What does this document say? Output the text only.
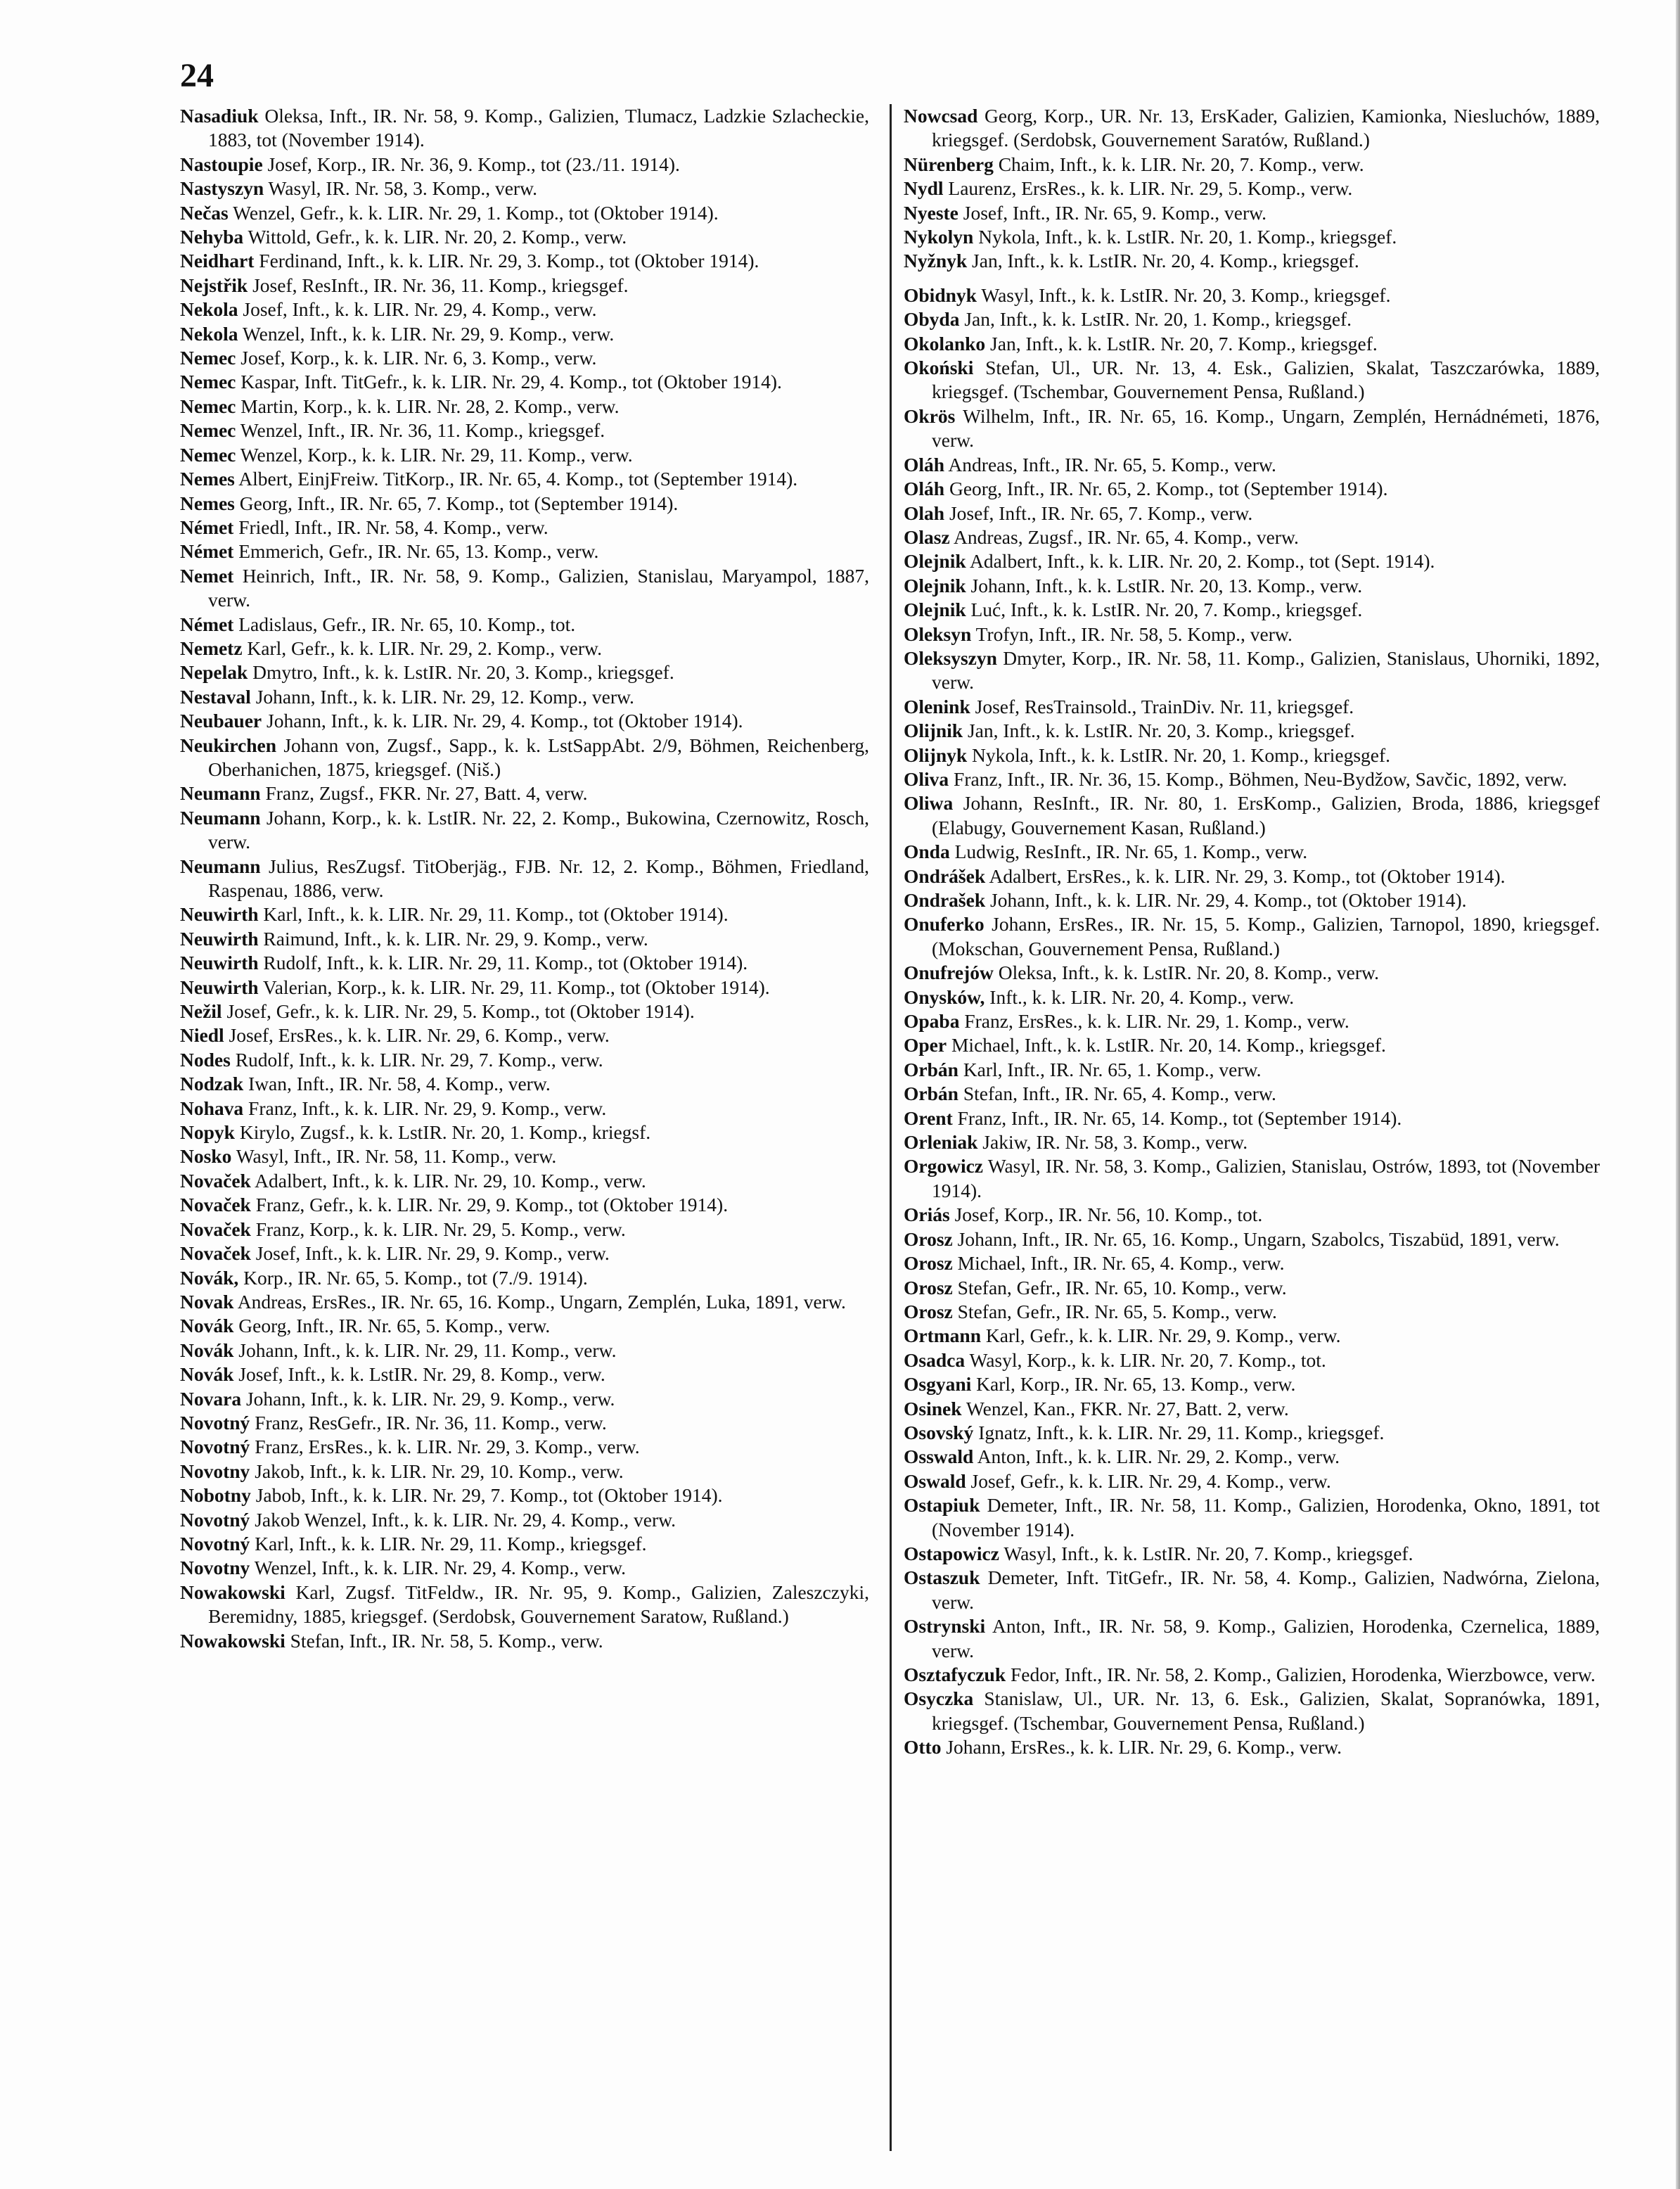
24
Nasadiuk Oleksa, Inft., IR. Nr. 58, 9. Komp., Galizien, Tlumacz, Ladzkie Szlacheckie, 1883, tot (November 1914).
Nastoupie Josef, Korp., IR. Nr. 36, 9. Komp., tot (23./11. 1914).
Nastyszyn Wasyl, IR. Nr. 58, 3. Komp., verw.
Nečas Wenzel, Gefr., k. k. LIR. Nr. 29, 1. Komp., tot (Oktober 1914).
Nehyba Wittold, Gefr., k. k. LIR. Nr. 20, 2. Komp., verw.
Neidhart Ferdinand, Inft., k. k. LIR. Nr. 29, 3. Komp., tot (Oktober 1914).
Nejstřik Josef, ResInft., IR. Nr. 36, 11. Komp., kriegsgef.
Nekola Josef, Inft., k. k. LIR. Nr. 29, 4. Komp., verw.
Nekola Wenzel, Inft., k. k. LIR. Nr. 29, 9. Komp., verw.
Nemec Josef, Korp., k. k. LIR. Nr. 6, 3. Komp., verw.
Nemec Kaspar, Inft. TitGefr., k. k. LIR. Nr. 29, 4. Komp., tot (Oktober 1914).
Nemec Martin, Korp., k. k. LIR. Nr. 28, 2. Komp., verw.
Nemec Wenzel, Inft., IR. Nr. 36, 11. Komp., kriegsgef.
Nemec Wenzel, Korp., k. k. LIR. Nr. 29, 11. Komp., verw.
Nemes Albert, EinjFreiw. TitKorp., IR. Nr. 65, 4. Komp., tot (September 1914).
Nemes Georg, Inft., IR. Nr. 65, 7. Komp., tot (September 1914).
Német Friedl, Inft., IR. Nr. 58, 4. Komp., verw.
Német Emmerich, Gefr., IR. Nr. 65, 13. Komp., verw.
Nemet Heinrich, Inft., IR. Nr. 58, 9. Komp., Galizien, Stanislau, Maryampol, 1887, verw.
Német Ladislaus, Gefr., IR. Nr. 65, 10. Komp., tot.
Nemetz Karl, Gefr., k. k. LIR. Nr. 29, 2. Komp., verw.
Nepelak Dmytro, Inft., k. k. LstIR. Nr. 20, 3. Komp., kriegsgef.
Nestaval Johann, Inft., k. k. LIR. Nr. 29, 12. Komp., verw.
Neubauer Johann, Inft., k. k. LIR. Nr. 29, 4. Komp., tot (Oktober 1914).
Neukirchen Johann von, Zugsf., Sapp., k. k. LstSappAbt. 2/9, Böhmen, Reichenberg, Oberhanichen, 1875, kriegsgef. (Niš.)
Neumann Franz, Zugsf., FKR. Nr. 27, Batt. 4, verw.
Neumann Johann, Korp., k. k. LstIR. Nr. 22, 2. Komp., Bukowina, Czernowitz, Rosch, verw.
Neumann Julius, ResZugsf. TitOberjäg., FJB. Nr. 12, 2. Komp., Böhmen, Friedland, Raspenau, 1886, verw.
Neuwirth Karl, Inft., k. k. LIR. Nr. 29, 11. Komp., tot (Oktober 1914).
Neuwirth Raimund, Inft., k. k. LIR. Nr. 29, 9. Komp., verw.
Neuwirth Rudolf, Inft., k. k. LIR. Nr. 29, 11. Komp., tot (Oktober 1914).
Neuwirth Valerian, Korp., k. k. LIR. Nr. 29, 11. Komp., tot (Oktober 1914).
Nežil Josef, Gefr., k. k. LIR. Nr. 29, 5. Komp., tot (Oktober 1914).
Niedl Josef, ErsRes., k. k. LIR. Nr. 29, 6. Komp., verw.
Nodes Rudolf, Inft., k. k. LIR. Nr. 29, 7. Komp., verw.
Nodzak Iwan, Inft., IR. Nr. 58, 4. Komp., verw.
Nohava Franz, Inft., k. k. LIR. Nr. 29, 9. Komp., verw.
Nopyk Kirylo, Zugsf., k. k. LstIR. Nr. 20, 1. Komp., kriegsf.
Nosko Wasyl, Inft., IR. Nr. 58, 11. Komp., verw.
Novaček Adalbert, Inft., k. k. LIR. Nr. 29, 10. Komp., verw.
Novaček Franz, Gefr., k. k. LIR. Nr. 29, 9. Komp., tot (Oktober 1914).
Novaček Franz, Korp., k. k. LIR. Nr. 29, 5. Komp., verw.
Novaček Josef, Inft., k. k. LIR. Nr. 29, 9. Komp., verw.
Novák, Korp., IR. Nr. 65, 5. Komp., tot (7./9. 1914).
Novak Andreas, ErsRes., IR. Nr. 65, 16. Komp., Ungarn, Zemplén, Luka, 1891, verw.
Novák Georg, Inft., IR. Nr. 65, 5. Komp., verw.
Novák Johann, Inft., k. k. LIR. Nr. 29, 11. Komp., verw.
Novák Josef, Inft., k. k. LstIR. Nr. 29, 8. Komp., verw.
Novara Johann, Inft., k. k. LIR. Nr. 29, 9. Komp., verw.
Novotný Franz, ResGefr., IR. Nr. 36, 11. Komp., verw.
Novotný Franz, ErsRes., k. k. LIR. Nr. 29, 3. Komp., verw.
Novotny Jakob, Inft., k. k. LIR. Nr. 29, 10. Komp., verw.
Nobotny Jabob, Inft., k. k. LIR. Nr. 29, 7. Komp., tot (Oktober 1914).
Novotný Jakob Wenzel, Inft., k. k. LIR. Nr. 29, 4. Komp., verw.
Novotný Karl, Inft., k. k. LIR. Nr. 29, 11. Komp., kriegsgef.
Novotny Wenzel, Inft., k. k. LIR. Nr. 29, 4. Komp., verw.
Nowakowski Karl, Zugsf. TitFeldw., IR. Nr. 95, 9. Komp., Galizien, Zaleszczyki, Beremidny, 1885, kriegsgef. (Serdobsk, Gouvernement Saratow, Rußland.)
Nowakowski Stefan, Inft., IR. Nr. 58, 5. Komp., verw.
Nowcsad Georg, Korp., UR. Nr. 13, ErsKader, Galizien, Kamionka, Niesluchów, 1889, kriegsgef. (Serdobsk, Gouvernement Saratów, Rußland.)
Nürenberg Chaim, Inft., k. k. LIR. Nr. 20, 7. Komp., verw.
Nydl Laurenz, ErsRes., k. k. LIR. Nr. 29, 5. Komp., verw.
Nyeste Josef, Inft., IR. Nr. 65, 9. Komp., verw.
Nykolyn Nykola, Inft., k. k. LstIR. Nr. 20, 1. Komp., kriegsgef.
Nyžnyk Jan, Inft., k. k. LstIR. Nr. 20, 4. Komp., kriegsgef.
Obidnyk Wasyl, Inft., k. k. LstIR. Nr. 20, 3. Komp., kriegsgef.
Obyda Jan, Inft., k. k. LstIR. Nr. 20, 1. Komp., kriegsgef.
Okolanko Jan, Inft., k. k. LstIR. Nr. 20, 7. Komp., kriegsgef.
Okoński Stefan, Ul., UR. Nr. 13, 4. Esk., Galizien, Skalat, Taszczarówka, 1889, kriegsgef. (Tschembar, Gouvernement Pensa, Rußland.)
Okrös Wilhelm, Inft., IR. Nr. 65, 16. Komp., Ungarn, Zemplén, Hernádnémeti, 1876, verw.
Oláh Andreas, Inft., IR. Nr. 65, 5. Komp., verw.
Oláh Georg, Inft., IR. Nr. 65, 2. Komp., tot (September 1914).
Olah Josef, Inft., IR. Nr. 65, 7. Komp., verw.
Olasz Andreas, Zugsf., IR. Nr. 65, 4. Komp., verw.
Olejnik Adalbert, Inft., k. k. LIR. Nr. 20, 2. Komp., tot (Sept. 1914).
Olejnik Johann, Inft., k. k. LstIR. Nr. 20, 13. Komp., verw.
Olejnik Luć, Inft., k. k. LstIR. Nr. 20, 7. Komp., kriegsgef.
Oleksyn Trofyn, Inft., IR. Nr. 58, 5. Komp., verw.
Oleksyszyn Dmyter, Korp., IR. Nr. 58, 11. Komp., Galizien, Stanislaus, Uhorniki, 1892, verw.
Olenink Josef, ResTrainsold., TrainDiv. Nr. 11, kriegsgef.
Olijnik Jan, Inft., k. k. LstIR. Nr. 20, 3. Komp., kriegsgef.
Olijnyk Nykola, Inft., k. k. LstIR. Nr. 20, 1. Komp., kriegsgef.
Oliva Franz, Inft., IR. Nr. 36, 15. Komp., Böhmen, Neu-Bydžow, Savčic, 1892, verw.
Oliwa Johann, ResInft., IR. Nr. 80, 1. ErsKomp., Galizien, Broda, 1886, kriegsgef (Elabugy, Gouvernement Kasan, Rußland.)
Onda Ludwig, ResInft., IR. Nr. 65, 1. Komp., verw.
Ondrášek Adalbert, ErsRes., k. k. LIR. Nr. 29, 3. Komp., tot (Oktober 1914).
Ondrašek Johann, Inft., k. k. LIR. Nr. 29, 4. Komp., tot (Oktober 1914).
Onuferko Johann, ErsRes., IR. Nr. 15, 5. Komp., Galizien, Tarnopol, 1890, kriegsgef. (Mokschan, Gouvernement Pensa, Rußland.)
Onufrejów Oleksa, Inft., k. k. LstIR. Nr. 20, 8. Komp., verw.
Onysków, Inft., k. k. LIR. Nr. 20, 4. Komp., verw.
Opaba Franz, ErsRes., k. k. LIR. Nr. 29, 1. Komp., verw.
Oper Michael, Inft., k. k. LstIR. Nr. 20, 14. Komp., kriegsgef.
Orbán Karl, Inft., IR. Nr. 65, 1. Komp., verw.
Orbán Stefan, Inft., IR. Nr. 65, 4. Komp., verw.
Orent Franz, Inft., IR. Nr. 65, 14. Komp., tot (September 1914).
Orleniak Jakiw, IR. Nr. 58, 3. Komp., verw.
Orgowicz Wasyl, IR. Nr. 58, 3. Komp., Galizien, Stanislau, Ostrów, 1893, tot (November 1914).
Oriás Josef, Korp., IR. Nr. 56, 10. Komp., tot.
Orosz Johann, Inft., IR. Nr. 65, 16. Komp., Ungarn, Szabolcs, Tiszabüd, 1891, verw.
Orosz Michael, Inft., IR. Nr. 65, 4. Komp., verw.
Orosz Stefan, Gefr., IR. Nr. 65, 10. Komp., verw.
Orosz Stefan, Gefr., IR. Nr. 65, 5. Komp., verw.
Ortmann Karl, Gefr., k. k. LIR. Nr. 29, 9. Komp., verw.
Osadca Wasyl, Korp., k. k. LIR. Nr. 20, 7. Komp., tot.
Osgyani Karl, Korp., IR. Nr. 65, 13. Komp., verw.
Osinek Wenzel, Kan., FKR. Nr. 27, Batt. 2, verw.
Osovský Ignatz, Inft., k. k. LIR. Nr. 29, 11. Komp., kriegsgef.
Osswald Anton, Inft., k. k. LIR. Nr. 29, 2. Komp., verw.
Oswald Josef, Gefr., k. k. LIR. Nr. 29, 4. Komp., verw.
Ostapiuk Demeter, Inft., IR. Nr. 58, 11. Komp., Galizien, Horodenka, Okno, 1891, tot (November 1914).
Ostapowicz Wasyl, Inft., k. k. LstIR. Nr. 20, 7. Komp., kriegsgef.
Ostaszuk Demeter, Inft. TitGefr., IR. Nr. 58, 4. Komp., Galizien, Nadwórna, Zielona, verw.
Ostrynski Anton, Inft., IR. Nr. 58, 9. Komp., Galizien, Horodenka, Czernelica, 1889, verw.
Osztafyczuk Fedor, Inft., IR. Nr. 58, 2. Komp., Galizien, Horodenka, Wierzbowce, verw.
Osyczka Stanislaw, Ul., UR. Nr. 13, 6. Esk., Galizien, Skalat, Sopranówka, 1891, kriegsgef. (Tschembar, Gouvernement Pensa, Rußland.)
Otto Johann, ErsRes., k. k. LIR. Nr. 29, 6. Komp., verw.
